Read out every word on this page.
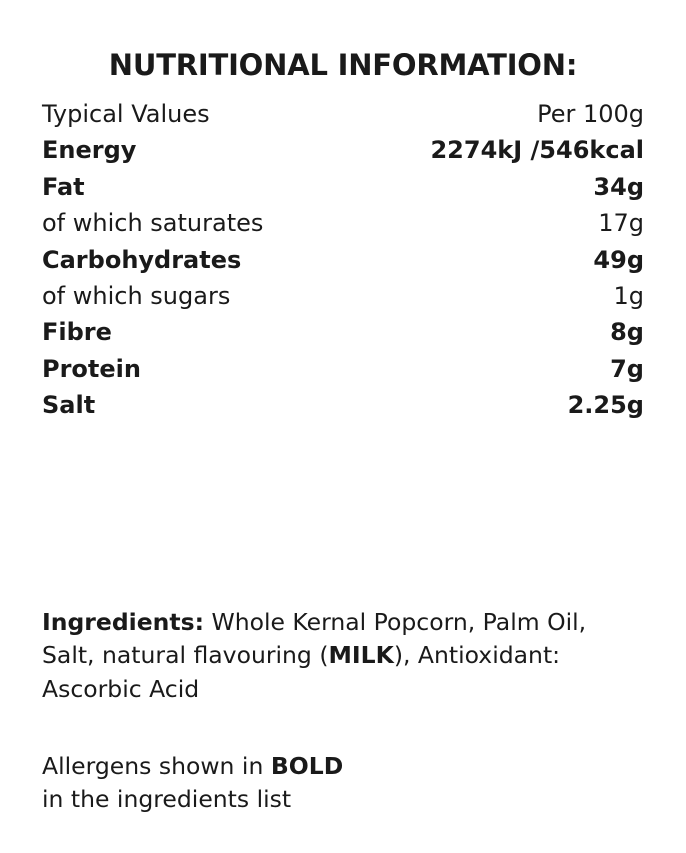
NUTRITIONAL INFORMATION:
Typical Values	Per 100g
Energy	2274kJ /546kcal
Fat	34g
of which saturates	17g
Carbohydrates	49g
of which sugars	1g
Fibre	8g
Protein	7g
Salt	2.25g
Ingredients: Whole Kernal Popcorn, Palm Oil, Salt, natural flavouring (MILK), Antioxidant: Ascorbic Acid
Allergens shown in BOLD
in the ingredients list
